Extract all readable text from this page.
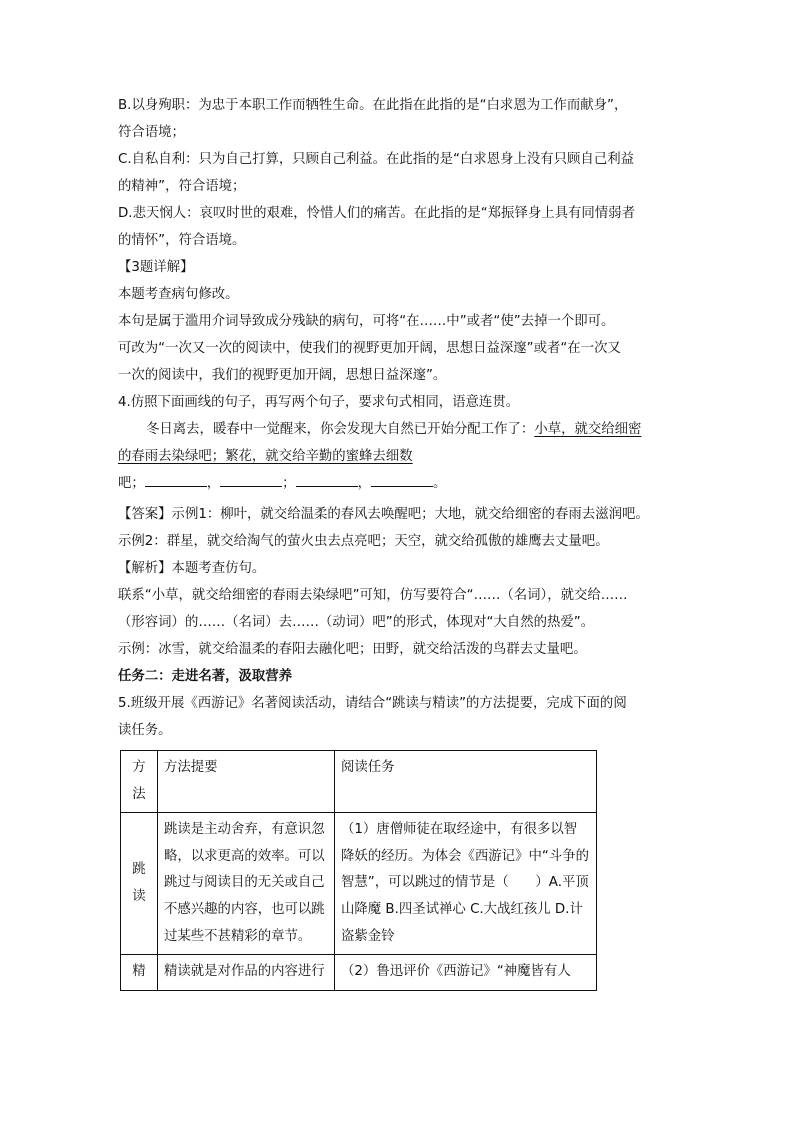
B.以身殉职：为忠于本职工作而牺牲生命。在此指在此指的是“白求恩为工作而献身”，
符合语境；
C.自私自利：只为自己打算，只顾自己利益。在此指的是“白求恩身上没有只顾自己利益
的精神”，符合语境；
D.悲天悯人：哀叹时世的艰难，怜惜人们的痛苦。在此指的是“郑振铎身上具有同情弱者
的情怀”，符合语境。
【3题详解】
本题考查病句修改。
本句是属于滥用介词导致成分残缺的病句，可将“在……中”或者“使”去掉一个即可。
可改为“一次又一次的阅读中，使我们的视野更加开阔，思想日益深邃”或者“在一次又
一次的阅读中，我们的视野更加开阔，思想日益深邃”。
4.仿照下面画线的句子，再写两个句子，要求句式相同，语意连贯。
冬日离去，暖春中一觉醒来，你会发现大自然已开始分配工作了：小草，就交给细密
的春雨去染绿吧；繁花，就交给辛勤的蜜蜂去细数
吧；	，	；	，	。
【答案】示例1：柳叶，就交给温柔的春风去唤醒吧；大地，就交给细密的春雨去滋润吧。
示例2：群星，就交给淘气的萤火虫去点亮吧；天空，就交给孤傲的雄鹰去丈量吧。
【解析】本题考查仿句。
联系“小草，就交给细密的春雨去染绿吧”可知，仿写要符合“……（名词），就交给……
（形容词）的……（名词）去……（动词）吧”的形式，体现对“大自然的热爱”。
示例：冰雪，就交给温柔的春阳去融化吧；田野，就交给活泼的鸟群去丈量吧。
任务二：走进名著，汲取营养
5.班级开展《西游记》名著阅读活动，请结合“跳读与精读”的方法提要，完成下面的阅
读任务。
方法	方法提要	阅读任务
跳读	跳读是主动舍弃，有意识忽略，以求更高的效率。可以跳过与阅读目的无关或自己不感兴趣的内容，也可以跳过某些不甚精彩的章节。	（1）唐僧师徒在取经途中，有很多以智降妖的经历。为体会《西游记》中“斗争的智慧”，可以跳过的情节是（　　）A.平顶山降魔 B.四圣试禅心 C.大战红孩儿 D.计盗紫金铃
精	精读就是对作品的内容进行	（2）鲁迅评价《西游记》“神魔皆有人
